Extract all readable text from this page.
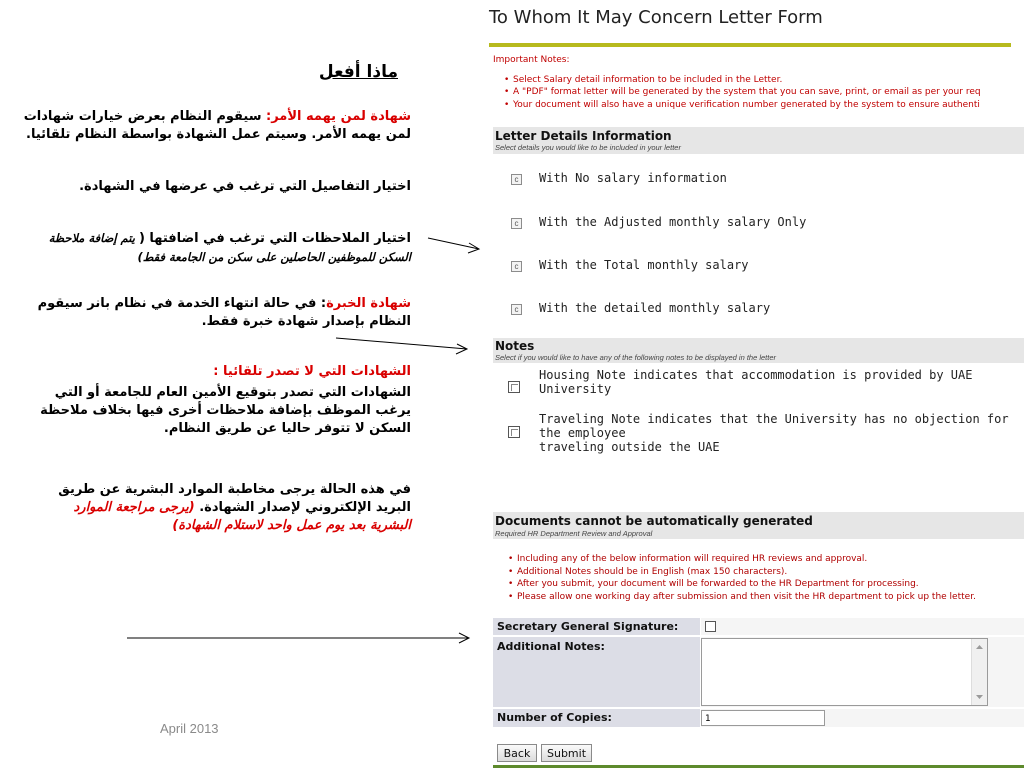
ماذا أفعل
شهادة لمن يهمه الأمر: سيقوم النظام بعرض خيارات شهادات
لمن يهمه الأمر. وسيتم عمل الشهادة بواسطة النظام تلقائيا.
اختيار التفاصيل التي ترغب في عرضها في الشهادة.
اختيار الملاحظات التي ترغب في اضافتها ( يتم إضافة ملاحظة
السكن للموظفين الحاصلين على سكن من الجامعة فقط)
شهادة الخبرة: في حالة انتهاء الخدمة في نظام بانر سيقوم
النظام بإصدار شهادة خبرة فقط.
الشهادات التي لا تصدر تلقائيا :
الشهادات التي تصدر بتوقيع الأمين العام للجامعة أو التي
يرغب الموظف بإضافة ملاحظات أخرى فيها بخلاف ملاحظة
السكن لا تتوفر حاليا عن طريق النظام.
في هذه الحالة يرجى مخاطبة الموارد البشرية عن طريق
البريد الإلكتروني لإصدار الشهادة. (يرجى مراجعة الموارد
البشرية بعد يوم عمل واحد لاستلام الشهادة)
April 2013
To Whom It May Concern Letter Form
Important Notes:
• Select Salary detail information to be included in the Letter.
• A "PDF" format letter will be generated by the system that you can save, print, or email as per your req
• Your document will also have a unique verification number generated by the system to ensure authenti
Letter Details Information
Select details you would like to be included in your letter
c With No salary information
c With the Adjusted monthly salary Only
c With the Total monthly salary
c With the detailed monthly salary
Notes
Select if you would like to have any of the following notes to be displayed in the letter
Housing Note indicates that accommodation is provided by UAE University
Traveling Note indicates that the University has no objection for the employee
traveling outside the UAE
Documents cannot be automatically generated
Required HR Department Review and Approval
• Including any of the below information will required HR reviews and approval.
• Additional Notes should be in English (max 150 characters).
• After you submit, your document will be forwarded to the HR Department for processing.
• Please allow one working day after submission and then visit the HR department to pick up the letter.
Secretary General Signature:
Additional Notes:
Number of Copies:	1
Back	Submit
